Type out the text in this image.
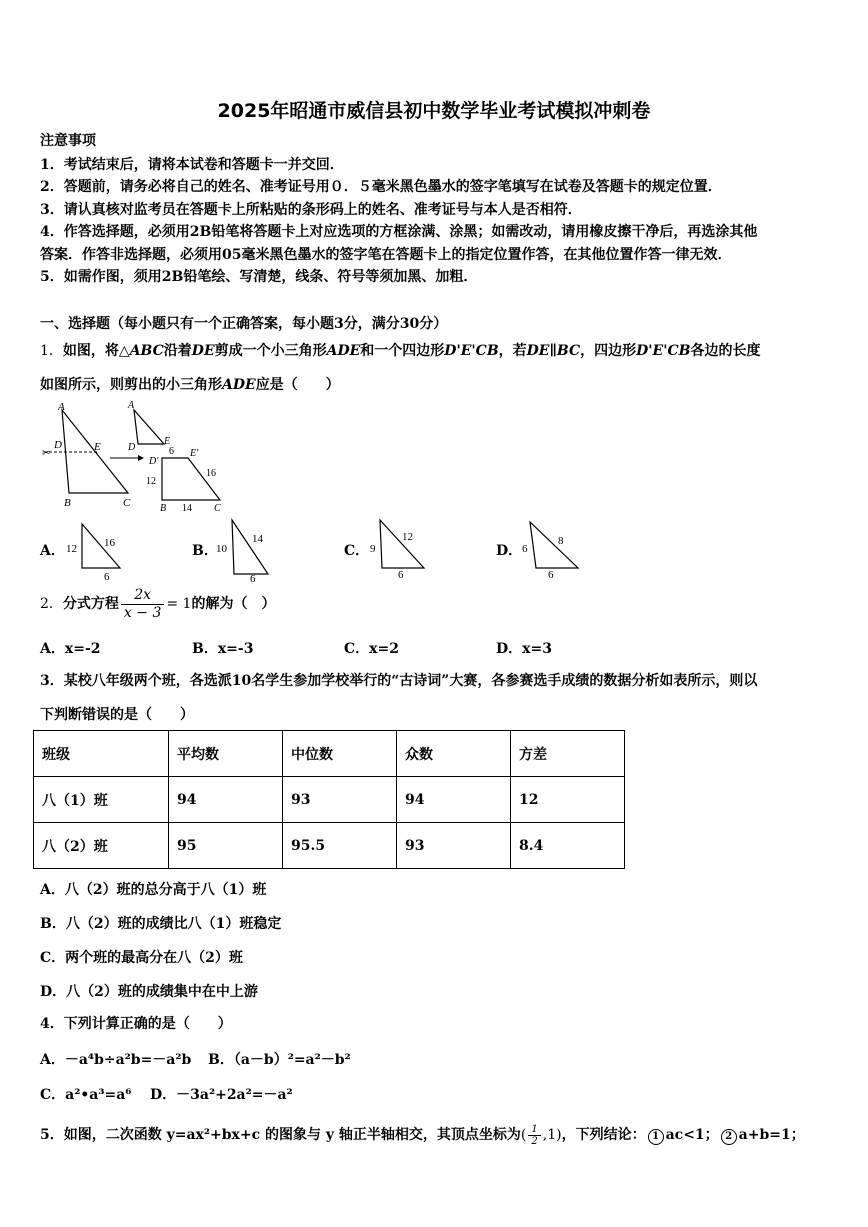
2025年昭通市威信县初中数学毕业考试模拟冲刺卷
注意事项
1．考试结束后，请将本试卷和答题卡一并交回．
2．答题前，请务必将自己的姓名、准考证号用０．５毫米黑色墨水的签字笔填写在试卷及答题卡的规定位置．
3．请认真核对监考员在答题卡上所粘贴的条形码上的姓名、准考证号与本人是否相符．
4．作答选择题，必须用2B铅笔将答题卡上对应选项的方框涂满、涂黑；如需改动，请用橡皮擦干净后，再选涂其他
答案．作答非选择题，必须用05毫米黑色墨水的签字笔在答题卡上的指定位置作答，在其他位置作答一律无效．
5．如需作图，须用2B铅笔绘、写清楚，线条、符号等须加黑、加粗．
一、选择题（每小题只有一个正确答案，每小题3分，满分30分）
1．如图，将△ABC沿着DE剪成一个小三角形ADE和一个四边形D'E'CB，若DE∥BC，四边形D'E'CB各边的长度
如图所示，则剪出的小三角形ADE应是（　　）
✂
A
D	E
B	C
A
D
E
6
D'
E'
16
12
B 14 C
A． 12 16
6
B．
10
14
6
C． 9
12
6
D． 6
8
6
2．分式方程 $\frac{2x}{x - 3} = 1$的解为（　）
A．x=-2	B．x=-3	C．x=2	D．x=3
3．某校八年级两个班，各选派10名学生参加学校举行的“古诗词”大赛，各参赛选手成绩的数据分析如表所示，则以
下判断错误的是（　　）
班级	平均数	中位数	众数	方差
八（1）班	94	93	94	12
八（2）班	95	95.5	93	8.4
A．八（2）班的总分高于八（1）班
B．八（2）班的成绩比八（1）班稳定
C．两个班的最高分在八（2）班
D．八（2）班的成绩集中在中上游
4．下列计算正确的是（　　）
A．－a⁴b÷a²b=－a²b B．（a－b）²=a²－b²
C．a²•a³=a⁶ D．－3a²+2a²=－a²
5．如图，二次函数 y=ax²+bx+c 的图象与 y 轴正半轴相交，其顶点坐标为( $\frac{1}{2} ,1$)，下列结论： 1 ac<1； 2 a+b=1；
